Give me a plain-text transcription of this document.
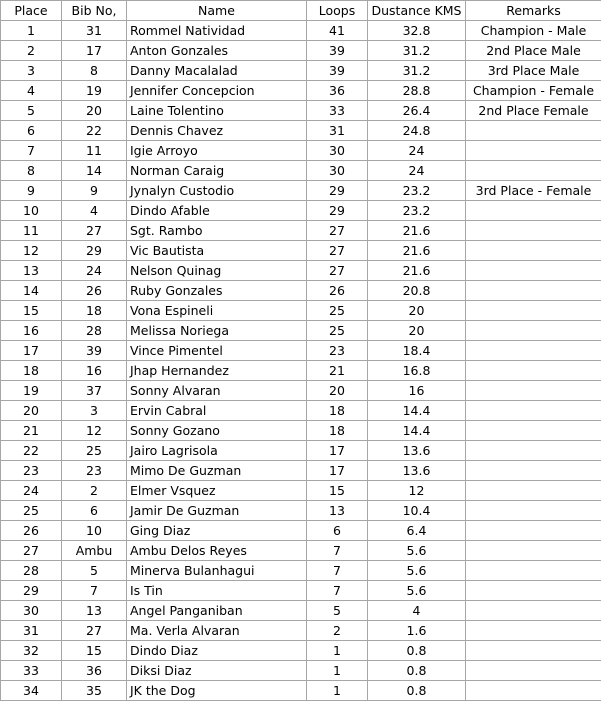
Place	Bib No,	Name	Loops	Dustance KMS	Remarks
1	31	Rommel Natividad	41	32.8	Champion - Male
2	17	Anton Gonzales	39	31.2	2nd Place Male
3	8	Danny Macalalad	39	31.2	3rd Place Male
4	19	Jennifer Concepcion	36	28.8	Champion - Female
5	20	Laine Tolentino	33	26.4	2nd Place Female
6	22	Dennis Chavez	31	24.8	
7	11	Igie Arroyo	30	24	
8	14	Norman Caraig	30	24	
9	9	Jynalyn Custodio	29	23.2	3rd Place - Female
10	4	Dindo Afable	29	23.2	
11	27	Sgt. Rambo	27	21.6	
12	29	Vic Bautista	27	21.6	
13	24	Nelson Quinag	27	21.6	
14	26	Ruby Gonzales	26	20.8	
15	18	Vona Espineli	25	20	
16	28	Melissa Noriega	25	20	
17	39	Vince Pimentel	23	18.4	
18	16	Jhap Hernandez	21	16.8	
19	37	Sonny Alvaran	20	16	
20	3	Ervin Cabral	18	14.4	
21	12	Sonny Gozano	18	14.4	
22	25	Jairo Lagrisola	17	13.6	
23	23	Mimo De Guzman	17	13.6	
24	2	Elmer Vsquez	15	12	
25	6	Jamir De Guzman	13	10.4	
26	10	Ging Diaz	6	6.4	
27	Ambu	Ambu Delos Reyes	7	5.6	
28	5	Minerva Bulanhagui	7	5.6	
29	7	Is Tin	7	5.6	
30	13	Angel Panganiban	5	4	
31	27	Ma. Verla Alvaran	2	1.6	
32	15	Dindo Diaz	1	0.8	
33	36	Diksi Diaz	1	0.8	
34	35	JK the Dog	1	0.8	
